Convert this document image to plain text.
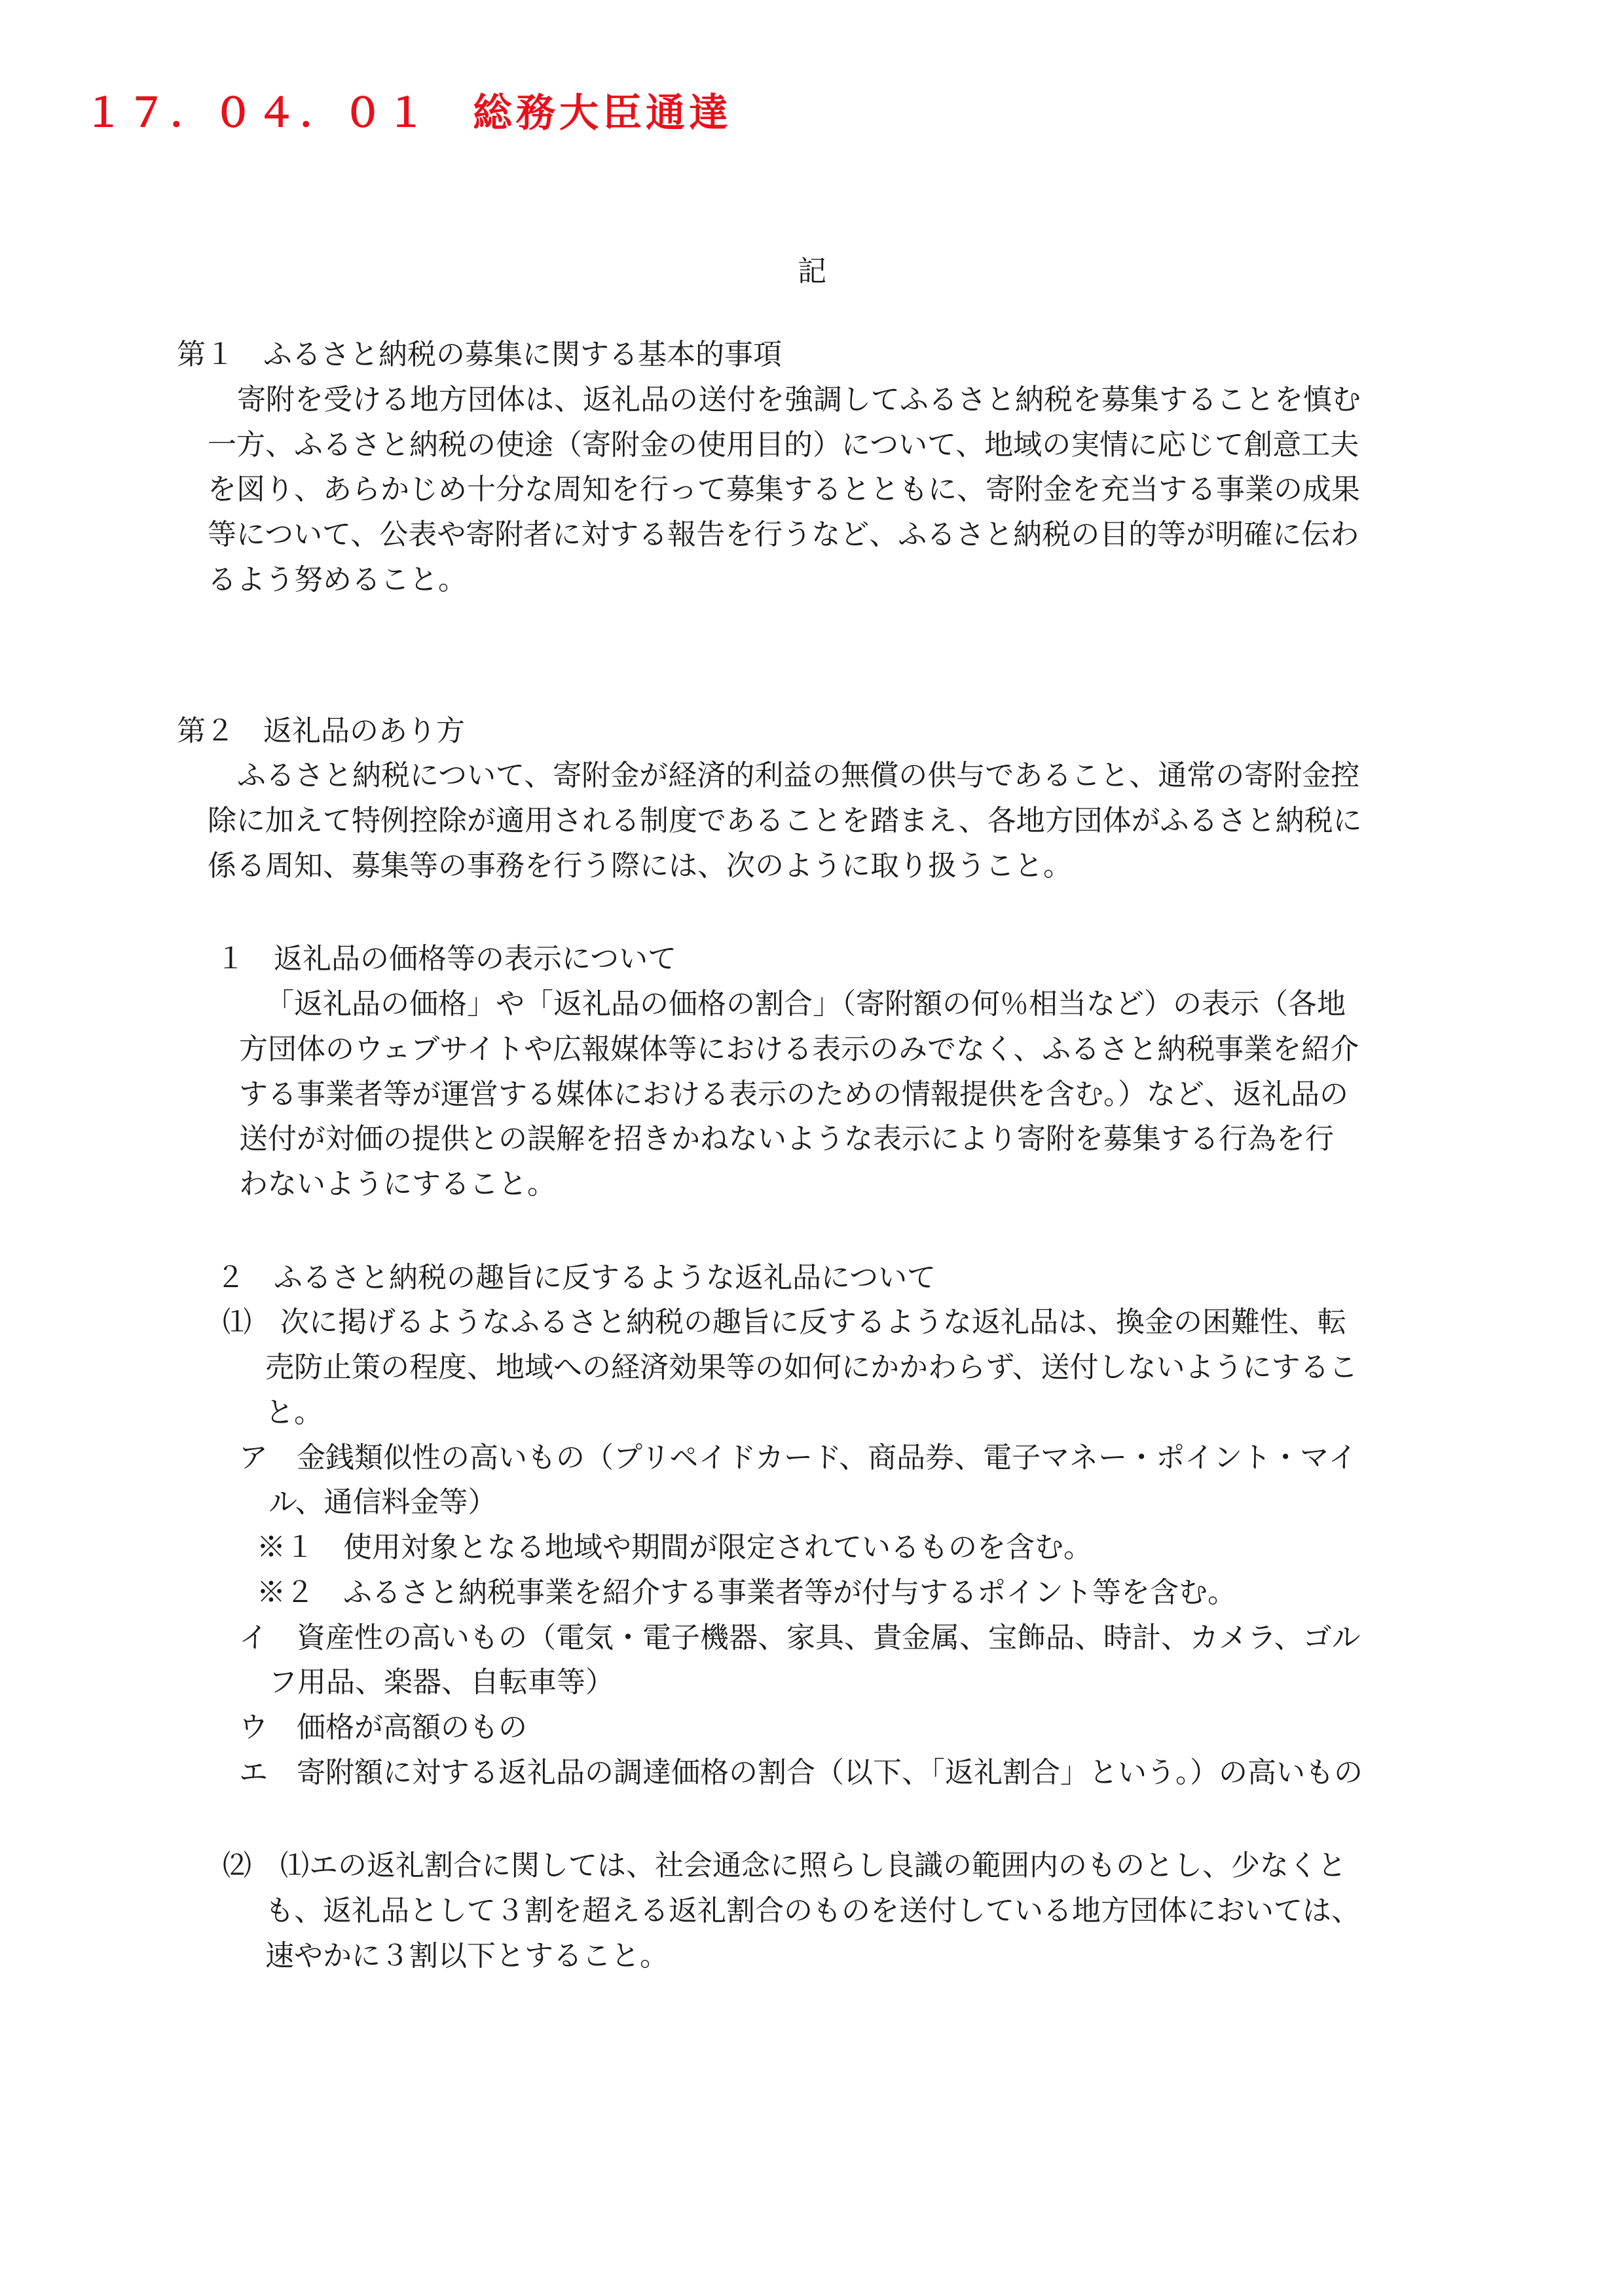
１７．０４．０１　総務大臣通達
記
第１　ふるさと納税の募集に関する基本的事項
寄附を受ける地方団体は、返礼品の送付を強調してふるさと納税を募集することを慎む
一方、ふるさと納税の使途（寄附金の使用目的）について、地域の実情に応じて創意工夫
を図り、あらかじめ十分な周知を行って募集するとともに、寄附金を充当する事業の成果
等について、公表や寄附者に対する報告を行うなど、ふるさと納税の目的等が明確に伝わ
るよう努めること。
第２　返礼品のあり方
ふるさと納税について、寄附金が経済的利益の無償の供与であること、通常の寄附金控
除に加えて特例控除が適用される制度であることを踏まえ、各地方団体がふるさと納税に
係る周知、募集等の事務を行う際には、次のように取り扱うこと。
１　返礼品の価格等の表示について
「返礼品の価格」や「返礼品の価格の割合」（寄附額の何％相当など）の表示（各地
方団体のウェブサイトや広報媒体等における表示のみでなく、ふるさと納税事業を紹介
する事業者等が運営する媒体における表示のための情報提供を含む。）など、返礼品の
送付が対価の提供との誤解を招きかねないような表示により寄附を募集する行為を行
わないようにすること。
２　ふるさと納税の趣旨に反するような返礼品について
⑴　次に掲げるようなふるさと納税の趣旨に反するような返礼品は、換金の困難性、転
売防止策の程度、地域への経済効果等の如何にかかわらず、送付しないようにするこ
と。
ア　金銭類似性の高いもの（プリペイドカード、商品券、電子マネー・ポイント・マイ
ル、通信料金等）
※１　使用対象となる地域や期間が限定されているものを含む。
※２　ふるさと納税事業を紹介する事業者等が付与するポイント等を含む。
イ　資産性の高いもの（電気・電子機器、家具、貴金属、宝飾品、時計、カメラ、ゴル
フ用品、楽器、自転車等）
ウ　価格が高額のもの
エ　寄附額に対する返礼品の調達価格の割合（以下、「返礼割合」という。）の高いもの
⑵　⑴エの返礼割合に関しては、社会通念に照らし良識の範囲内のものとし、少なくと
も、返礼品として３割を超える返礼割合のものを送付している地方団体においては、
速やかに３割以下とすること。
